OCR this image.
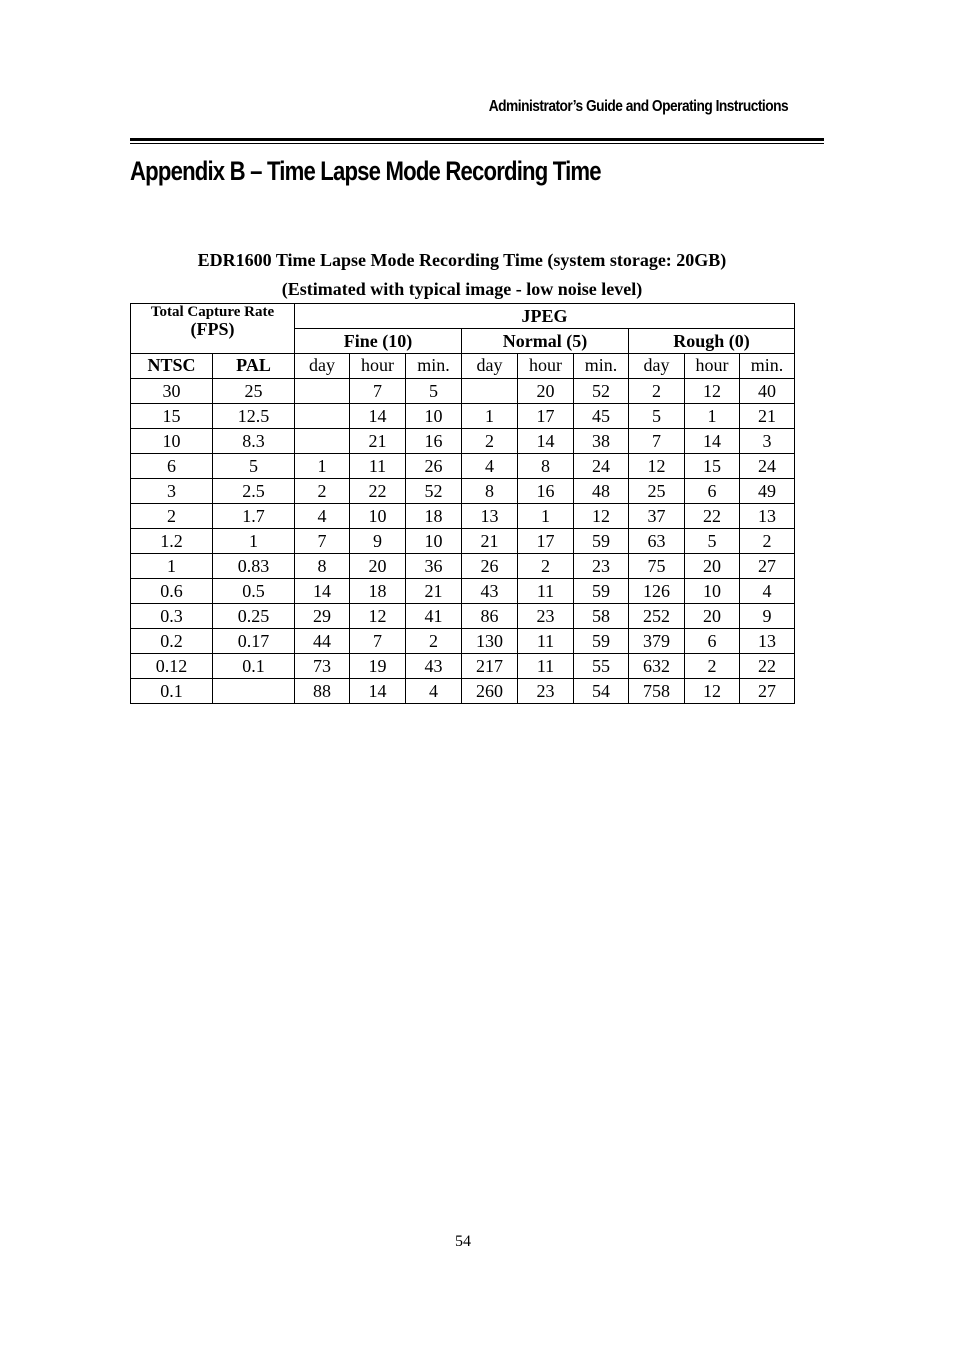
Administrator’s Guide and Operating Instructions
Appendix B – Time Lapse Mode Recording Time
EDR1600 Time Lapse Mode Recording Time (system storage: 20GB)
(Estimated with typical image - low noise level)
Total Capture Rate
(FPS)		JPEG								
		Fine (10)			Normal (5)			Rough (0)		
NTSC	PAL	day	hour	min.	day	hour	min.	day	hour	min.
30	25		7	5		20	52	2	12	40
15	12.5		14	10	1	17	45	5	1	21
10	8.3		21	16	2	14	38	7	14	3
6	5	1	11	26	4	8	24	12	15	24
3	2.5	2	22	52	8	16	48	25	6	49
2	1.7	4	10	18	13	1	12	37	22	13
1.2	1	7	9	10	21	17	59	63	5	2
1	0.83	8	20	36	26	2	23	75	20	27
0.6	0.5	14	18	21	43	11	59	126	10	4
0.3	0.25	29	12	41	86	23	58	252	20	9
0.2	0.17	44	7	2	130	11	59	379	6	13
0.12	0.1	73	19	43	217	11	55	632	2	22
0.1		88	14	4	260	23	54	758	12	27
54
